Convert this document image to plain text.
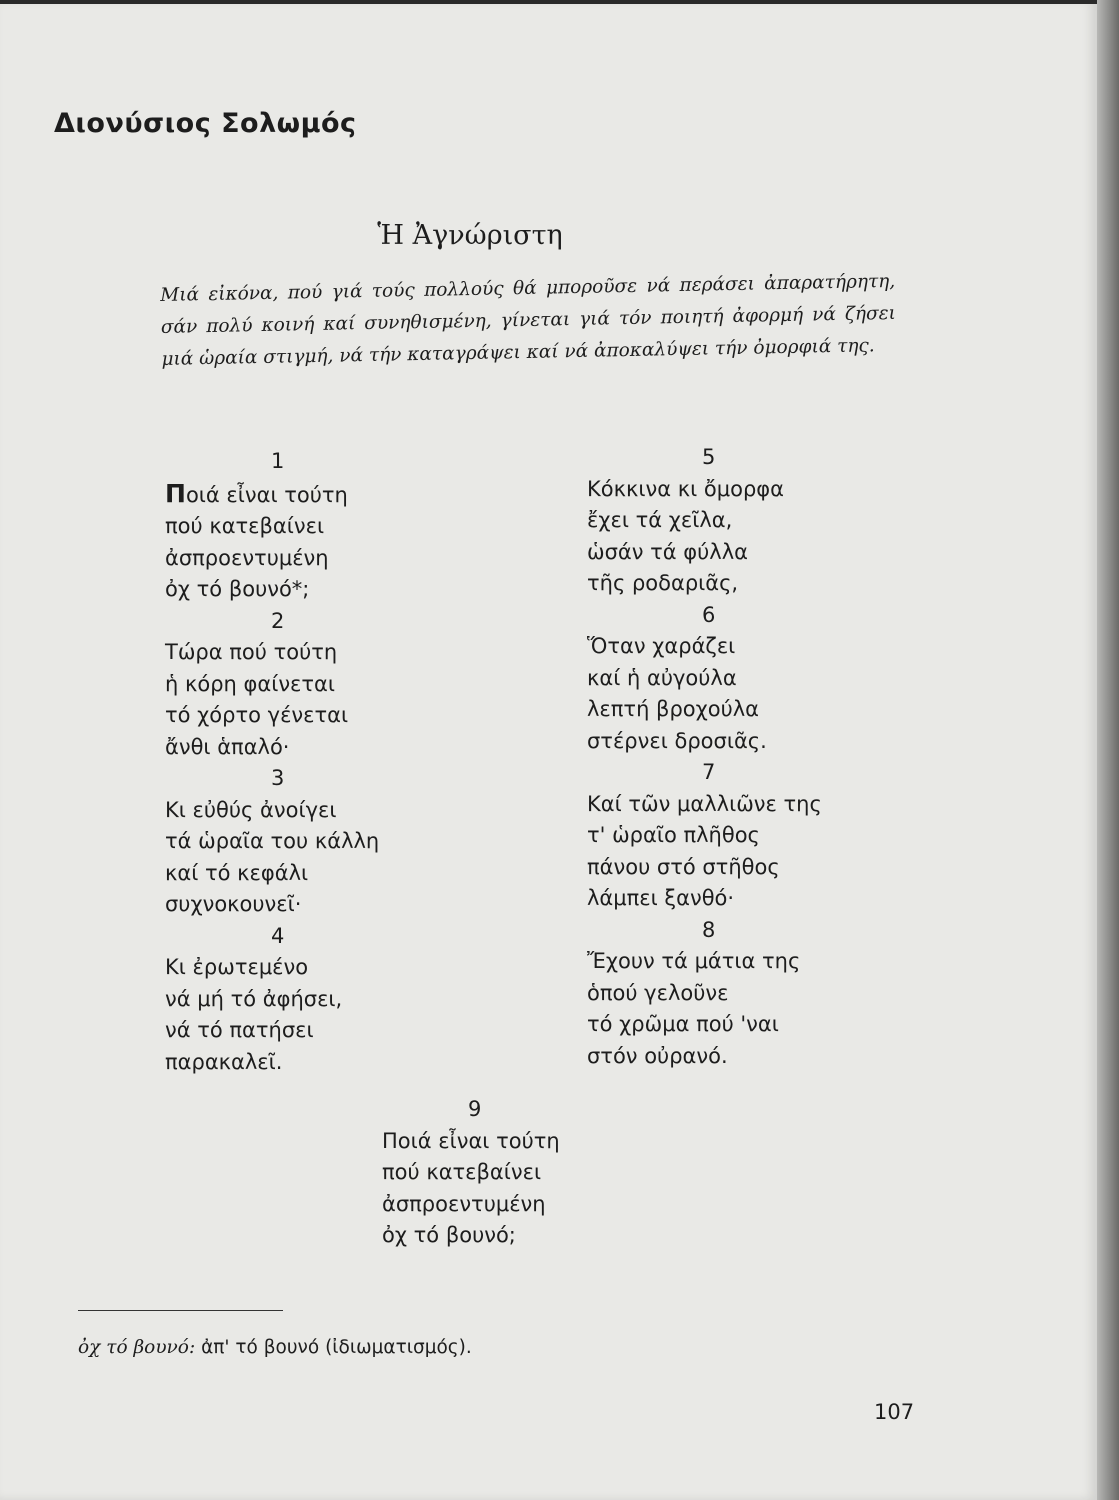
Διονύσιος Σολωμός
Ἡ Ἀγνώριστη
Μιά εἰκόνα, πού γιά τούς πολλούς θά μποροῦσε νά περάσει ἀπαρατήρητη, σάν πολύ κοινή καί συνηθισμένη, γίνεται γιά τόν ποιητή ἀφορμή νά ζήσει μιά ὡραία στιγμή, νά τήν καταγράψει καί νά ἀποκαλύψει τήν ὀμορφιά της.
1
Ποιά εἶναι τούτη
πού κατεβαίνει
ἀσπροεντυμένη
ὀχ τό βουνό*;
2
Τώρα πού τούτη
ἡ κόρη φαίνεται
τό χόρτο γένεται
ἄνθι ἁπαλό·
3
Κι εὐθύς ἀνοίγει
τά ὡραῖα του κάλλη
καί τό κεφάλι
συχνοκουνεῖ·
4
Κι ἐρωτεμένο
νά μή τό ἀφήσει,
νά τό πατήσει
παρακαλεῖ.
5
Κόκκινα κι ὄμορφα
ἔχει τά χεῖλα,
ὡσάν τά φύλλα
τῆς ροδαριᾶς,
6
Ὅταν χαράζει
καί ἡ αὐγούλα
λεπτή βροχούλα
στέρνει δροσιᾶς.
7
Καί τῶν μαλλιῶνε της
τ' ὡραῖο πλῆθος
πάνου στό στῆθος
λάμπει ξανθό·
8
Ἔχουν τά μάτια της
ὁπού γελοῦνε
τό χρῶμα πού 'ναι
στόν οὐρανό.
9
Ποιά εἶναι τούτη
πού κατεβαίνει
ἀσπροεντυμένη
ὀχ τό βουνό;
ὀχ τό βουνό: ἀπ' τό βουνό (ἰδιωματισμός).
107
